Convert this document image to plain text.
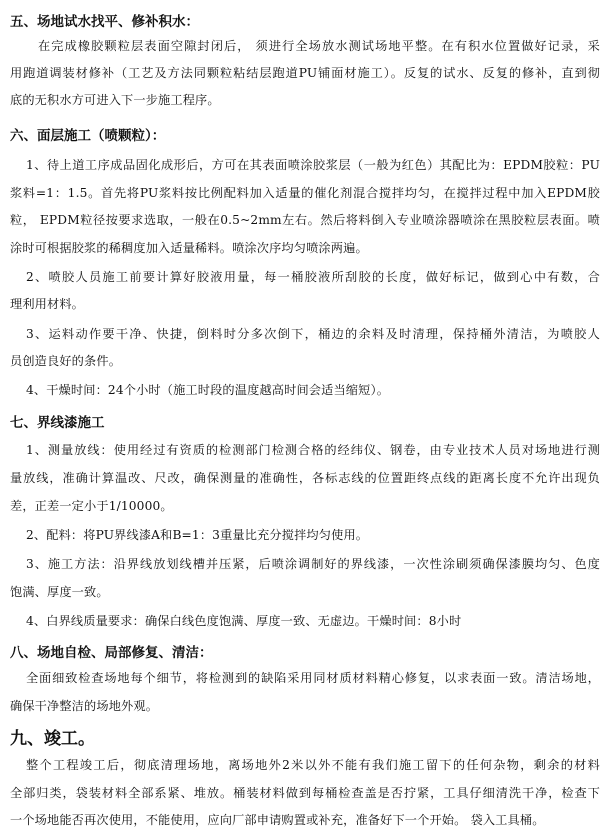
五、场地试水找平、修补积水：
在完成橡胶颗粒层表面空隙封闭后， 须进行全场放水测试场地平整。在有积水位置做好记录，采
用跑道调装材修补（工艺及方法同颗粒粘结层跑道PU铺面材施工）。反复的试水、反复的修补，直到彻
底的无积水方可进入下一步施工程序。
六、面层施工（喷颗粒）：
1、待上道工序成品固化成形后，方可在其表面喷涂胶浆层（一般为红色）其配比为：EPDM胶粒：PU
浆料=1：1.5。首先将PU浆料按比例配料加入适量的催化剂混合搅拌均匀，在搅拌过程中加入EPDM胶
粒， EPDM粒径按要求选取，一般在0.5~2mm左右。然后将料倒入专业喷涂器喷涂在黑胶粒层表面。喷
涂时可根据胶浆的稀稠度加入适量稀料。喷涂次序均匀喷涂两遍。
2、喷胶人员施工前要计算好胶液用量，每一桶胶液所刮胶的长度，做好标记，做到心中有数，合
理利用材料。
3、运料动作要干净、快捷，倒料时分多次倒下，桶边的余料及时清理，保持桶外清洁，为喷胶人
员创造良好的条件。
4、干燥时间：24个小时（施工时段的温度越高时间会适当缩短）。
七、界线漆施工
1、测量放线：使用经过有资质的检测部门检测合格的经纬仪、钢卷，由专业技术人员对场地进行测
量放线，准确计算温改、尺改，确保测量的准确性，各标志线的位置距终点线的距离长度不允许出现负
差，正差一定小于1/10000。
2、配料：将PU界线漆A和B=1：3重量比充分搅拌均匀使用。
3、施工方法：沿界线放划线槽并压紧，后喷涂调制好的界线漆，一次性涂刷须确保漆膜均匀、色度
饱满、厚度一致。
4、白界线质量要求：确保白线色度饱满、厚度一致、无虚边。干燥时间：8小时
八、场地自检、局部修复、清洁：
全面细致检查场地每个细节，将检测到的缺陷采用同材质材料精心修复，以求表面一致。清洁场地，
确保干净整洁的场地外观。
九、竣工。
整个工程竣工后，彻底清理场地，离场地外2米以外不能有我们施工留下的任何杂物，剩余的材料
全部归类，袋装材料全部系紧、堆放。桶装材料做到每桶检查盖是否拧紧，工具仔细清洗干净，检查下
一个场地能否再次使用，不能使用，应向厂部申请购置或补充，准备好下一个开始。 袋入工具桶。
